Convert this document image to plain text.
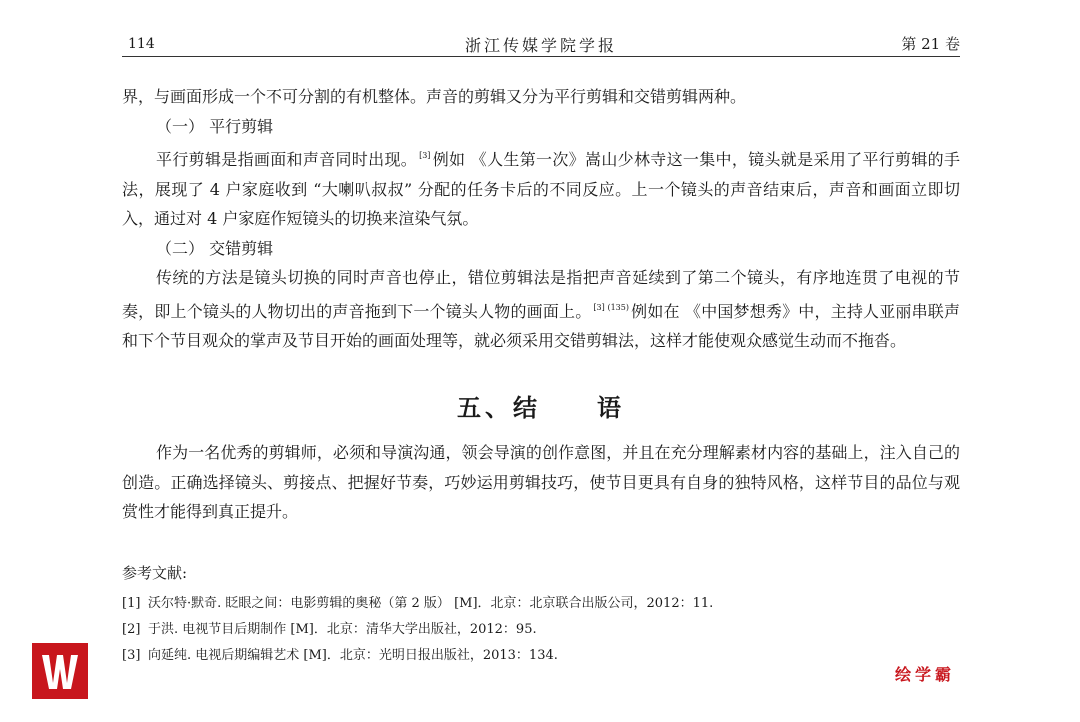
114	浙江传媒学院学报	第 21 卷

界，与画面形成一个不可分割的有机整体。声音的剪辑又分为平行剪辑和交错剪辑两种。

（一） 平行剪辑

平行剪辑是指画面和声音同时出现。 [3] 例如 《人生第一次》嵩山少林寺这一集中，镜头就是采用了平行剪辑的手法，展现了 4 户家庭收到 “大喇叭叔叔” 分配的任务卡后的不同反应。上一个镜头的声音结束后，声音和画面立即切入，通过对 4 户家庭作短镜头的切换来渲染气氛。

（二） 交错剪辑

传统的方法是镜头切换的同时声音也停止，错位剪辑法是指把声音延续到了第二个镜头，有序地连贯了电视的节奏，即上个镜头的人物切出的声音拖到下一个镜头人物的画面上。 $^{[3] (135)}$ 例如在 《中国梦想秀》中，主持人亚丽串联声和下个节目观众的掌声及节目开始的画面处理等，就必须采用交错剪辑法，这样才能使观众感觉生动而不拖沓。

五、结　　语

作为一名优秀的剪辑师，必须和导演沟通，领会导演的创作意图，并且在充分理解素材内容的基础上，注入自己的创造。正确选择镜头、剪接点、把握好节奏，巧妙运用剪辑技巧，使节目更具有自身的独特风格，这样节目的品位与观赏性才能得到真正提升。

参考文献:

[1] 沃尔特·默奇. 眨眼之间：电影剪辑的奥秘（第 2 版） [M]．北京：北京联合出版公司，2012：11.

[2] 于洪. 电视节目后期制作 [M]．北京：清华大学出版社，2012：95.

[3] 向延纯. 电视后期编辑艺术 [M]．北京：光明日报出版社，2013：134.

绘学霸
